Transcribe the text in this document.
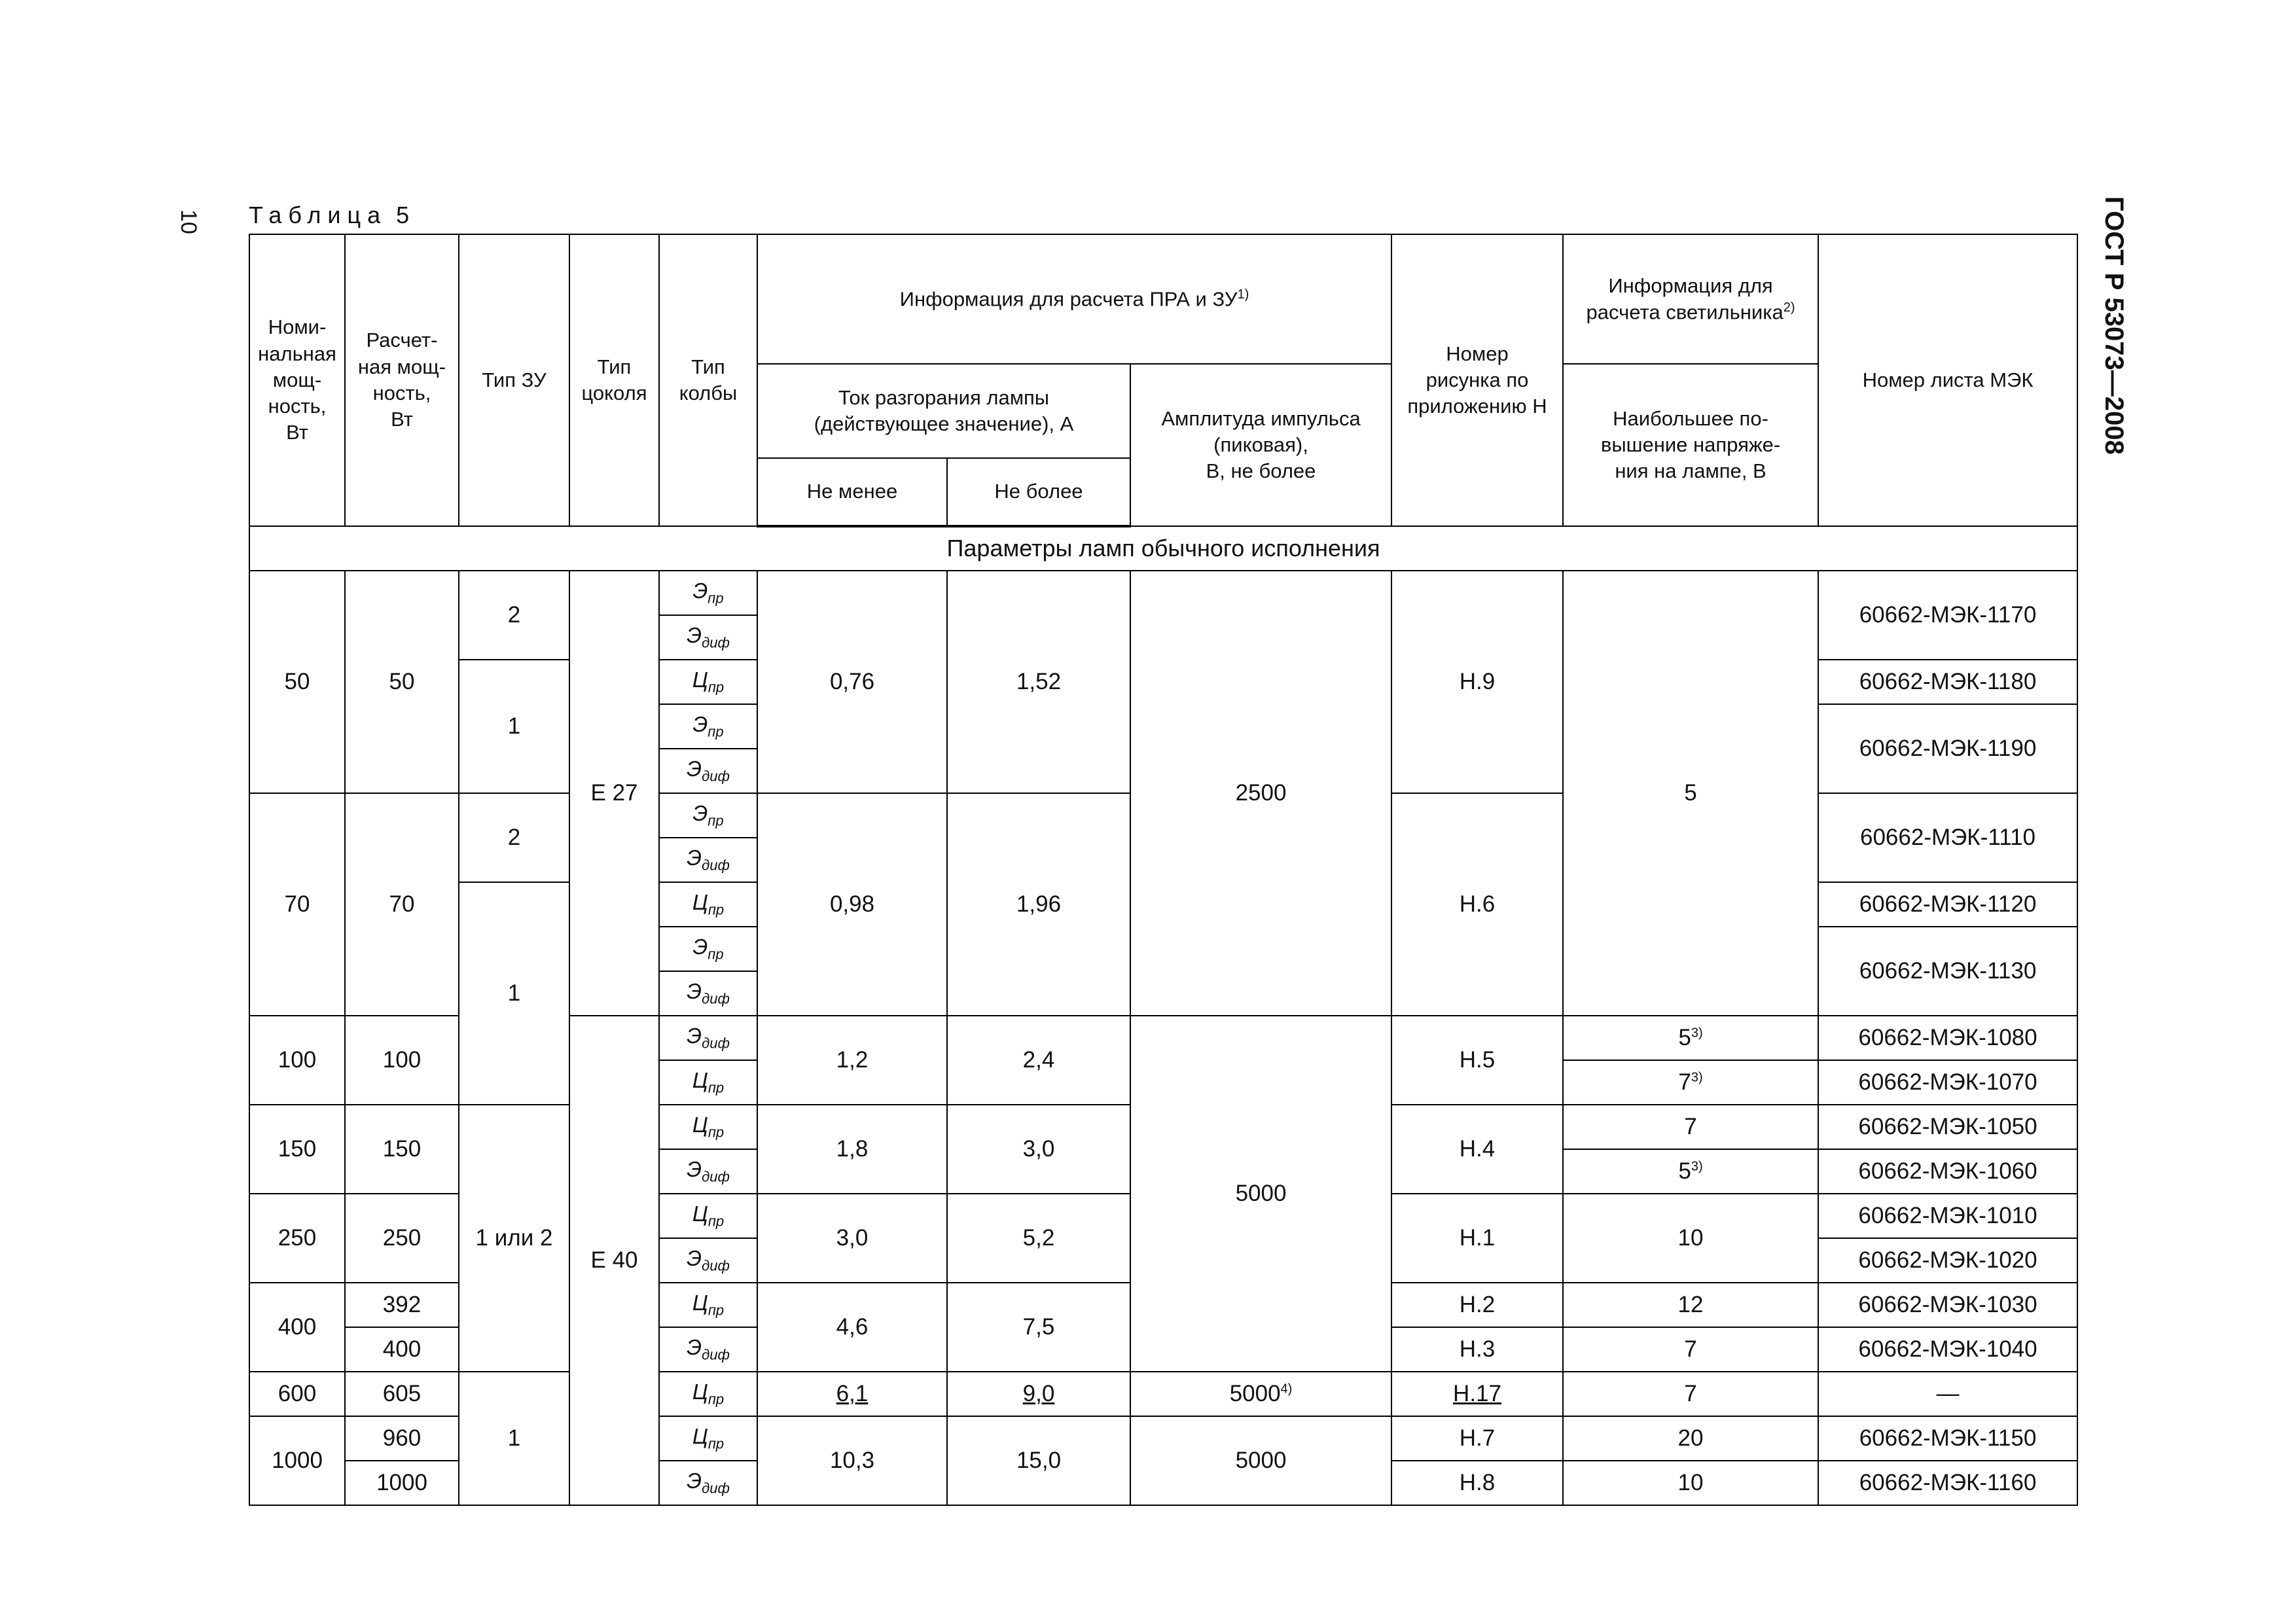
10	ГОСТ Р 53073—2008
Таблица 5
Номи-
нальная
мощ-
ность,
Вт	Расчет-
ная мощ-
ность,
Вт	Тип ЗУ	Тип
цоколя	Тип
колбы	Информация для расчета ПРА и ЗУ$^{1)}$			Номер
рисунка по
приложению Н	Информация для
расчета светильника$^{2)}$	Номер листа МЭК
					Ток разгорания лампы
(действующее значение), А		Амплитуда импульса
(пиковая),
В, не более		Наибольшее по-
вышение напряже-
ния на лампе, В	
					Не менее	Не более				
Параметры ламп обычного исполнения										
50	50	2	Е 27	$Э_{пр}$	0,76	1,52	2500	Н.9	5	60662-МЭК-1170
				$Э_{диф}$
		1		$Ц_{пр}$						60662-МЭК-1180
				$Э_{пр}$						60662-МЭК-1190
				$Э_{диф}$
70	70	2		$Э_{пр}$	0,98	1,96		Н.6		60662-МЭК-1110
				$Э_{диф}$
		1		$Ц_{пр}$						60662-МЭК-1120
				$Э_{пр}$						60662-МЭК-1130
				$Э_{диф}$
100	100		Е 40	$Э_{диф}$	1,2	2,4	5000	Н.5	5$^{3)}$	60662-МЭК-1080
				$Ц_{пр}$					7$^{3)}$	60662-МЭК-1070
150	150	1 или 2		$Ц_{пр}$	1,8	3,0		Н.4	7	60662-МЭК-1050
				$Э_{диф}$					5$^{3)}$	60662-МЭК-1060
250	250			$Ц_{пр}$	3,0	5,2		Н.1	10	60662-МЭК-1010
				$Э_{диф}$						60662-МЭК-1020
400	392			$Ц_{пр}$	4,6	7,5		Н.2	12	60662-МЭК-1030
	400			$Э_{диф}$				Н.3	7	60662-МЭК-1040
600	605	1		$Ц_{пр}$	6,1	9,0	5000$^{4)}$	Н.17	7	—
1000	960			$Ц_{пр}$	10,3	15,0	5000	Н.7	20	60662-МЭК-1150
	1000			$Э_{диф}$				Н.8	10	60662-МЭК-1160
